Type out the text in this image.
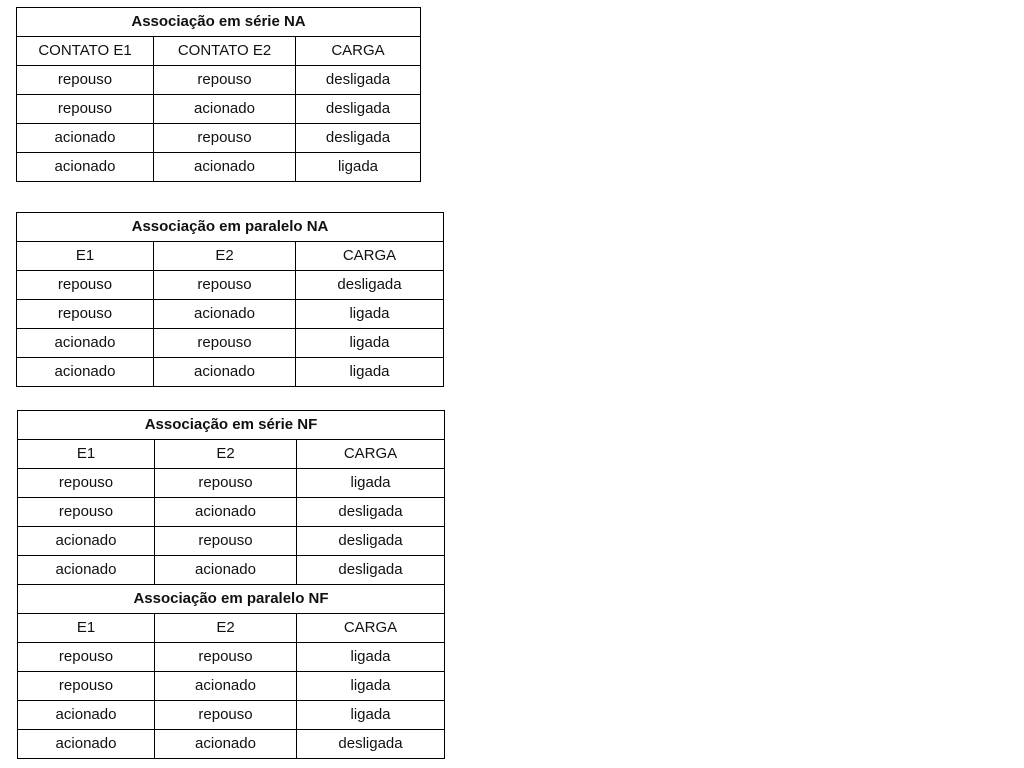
Associação em série NA		
CONTATO E1	CONTATO E2	CARGA
repouso	repouso	desligada
repouso	acionado	desligada
acionado	repouso	desligada
acionado	acionado	ligada
Associação em paralelo NA		
E1	E2	CARGA
repouso	repouso	desligada
repouso	acionado	ligada
acionado	repouso	ligada
acionado	acionado	ligada
Associação em série NF		
E1	E2	CARGA
repouso	repouso	ligada
repouso	acionado	desligada
acionado	repouso	desligada
acionado	acionado	desligada
Associação em paralelo NF		
E1	E2	CARGA
repouso	repouso	ligada
repouso	acionado	ligada
acionado	repouso	ligada
acionado	acionado	desligada
